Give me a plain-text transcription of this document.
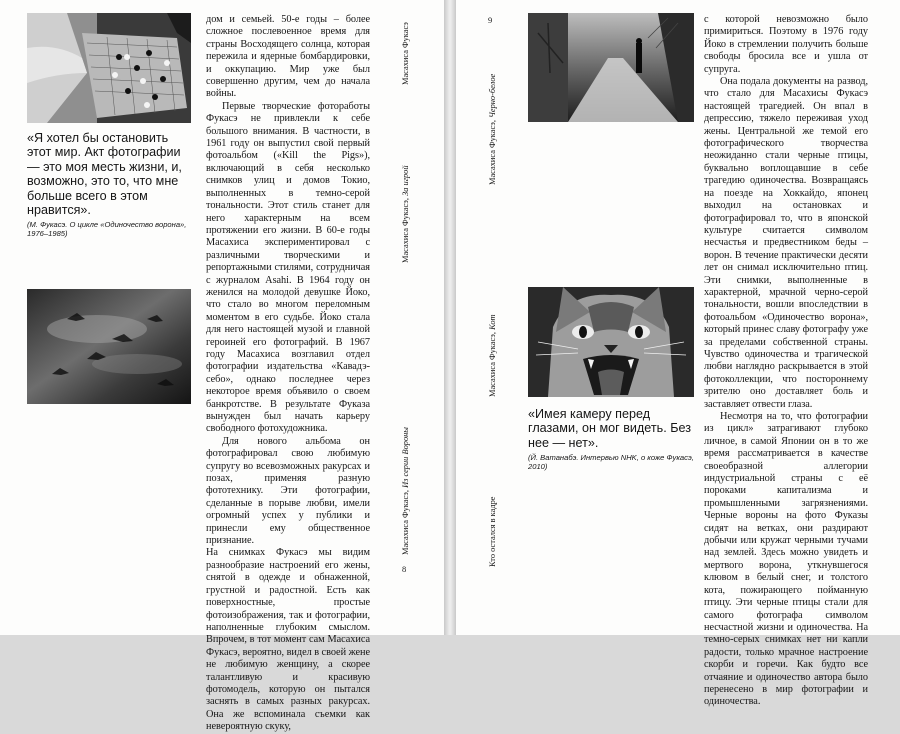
«Я хотел бы остановить этот мир. Акт фотографии — это моя месть жизни, и, возможно, это то, что мне больше всего в этом нравится».
(М. Фукасэ. О цикле «Одиночество ворона», 1976–1985)

дом и семьей. 50-е годы – более сложное послевоенное время для страны Восходящего солнца, которая пережила и ядерные бомбардировки, и оккупацию. Мир уже был совершенно другим, чем до начала войны.

Первые творческие фотоработы Фукасэ не привлекли к себе большого внимания. В частности, в 1961 году он выпустил свой первый фотоальбом («Kill the Pigs»), включающий в себя несколько снимков улиц и домов Токио, выполненных в темно-серой тональности. Этот стиль станет для него характерным на всем протяжении его жизни. В 60-е годы Масахиса экспериментировал с различными творческими и репортажными стилями, сотрудничая с журналом Asahi. В 1964 году он женился на молодой девушке Йоко, что стало во многом переломным моментом в его судьбе. Йоко стала для него настоящей музой и главной героиней его фотографий. В 1967 году Масахиса возглавил отдел фотографии издательства «Кавадэ-себо», однако последнее через некоторое время объявило о своем банкротстве. В результате Фуказа вынужден был начать карьеру свободного фотохудожника.

Для нового альбома он фотографировал свою любимую супругу во всевозможных ракурсах и позах, применяя разную фототехнику. Эти фотографии, сделанные в порыве любви, имели огромный успех у публики и принесли ему общественное признание.

На снимках Фукасэ мы видим разнообразие настроений его жены, снятой в одежде и обнаженной, грустной и радостной. Есть как поверхностные, простые фотоизображения, так и фотографии, наполненные глубоким смыслом. Впрочем, в тот момент сам Масахиса Фукасэ, вероятно, видел в своей жене не любимую женщину, а скорее талантливую и красивую фотомодель, которую он пытался заснять в самых разных ракурсах. Она же вспоминала съемки как невероятную скуку,

Масахиса Фукасэ
Масахиса Фукасэ, За игрой
Масахиса Фукасэ, Из серии Вороны
8
9
Масахиса Фукасэ, Черно-белое
Масахиса Фукасэ, Кот
Кто остался в кадре
«Имея камеру перед глазами, он мог видеть. Без нее — нет».
(Й. Ватанабэ. Интервью NHK, о коже Фукасэ, 2010)

с которой невозможно было примириться. Поэтому в 1976 году Йоко в стремлении получить больше свободы бросила все и ушла от супруга.

Она подала документы на развод, что стало для Масахисы Фукасэ настоящей трагедией. Он впал в депрессию, тяжело переживая уход жены. Центральной же темой его фотографического творчества неожиданно стали черные птицы, буквально воплощавшие в себе трагедию одиночества. Возвращаясь на поезде на Хоккайдо, японец выходил на остановках и фотографировал то, что в японской культуре считается символом несчастья и предвестником беды – ворон. В течение практически десяти лет он снимал исключительно птиц. Эти снимки, выполненные в характерной, мрачной черно-серой тональности, вошли впоследствии в фотоальбом «Одиночество ворона», который принес славу фотографу уже за пределами собственной страны. Чувство одиночества и трагической любви наглядно раскрывается в этой фотоколлекции, что постороннему зрителю оно доставляет боль и заставляет отвести глаза.

Несмотря на то, что фотографии из цикл» затрагивают глубоко личное, в самой Японии он в то же время рассматривается в качестве своеобразной аллегории индустриальной страны с её пороками капитализма и промышленными загрязнениями. Черные вороны на фото Фуказы сидят на ветках, они раздирают добычи или кружат черными тучами над землей. Здесь можно увидеть и мертвого ворона, уткнувшегося клювом в белый снег, и толстого кота, пожирающего пойманную птицу. Эти черные птицы стали для самого фотографа символом несчастной жизни и одиночества. На темно-серых снимках нет ни капли радости, только мрачное настроение скорби и горечи. Как будто все отчаяние и одиночество автора было перенесено в мир фотографии и одиночества.
